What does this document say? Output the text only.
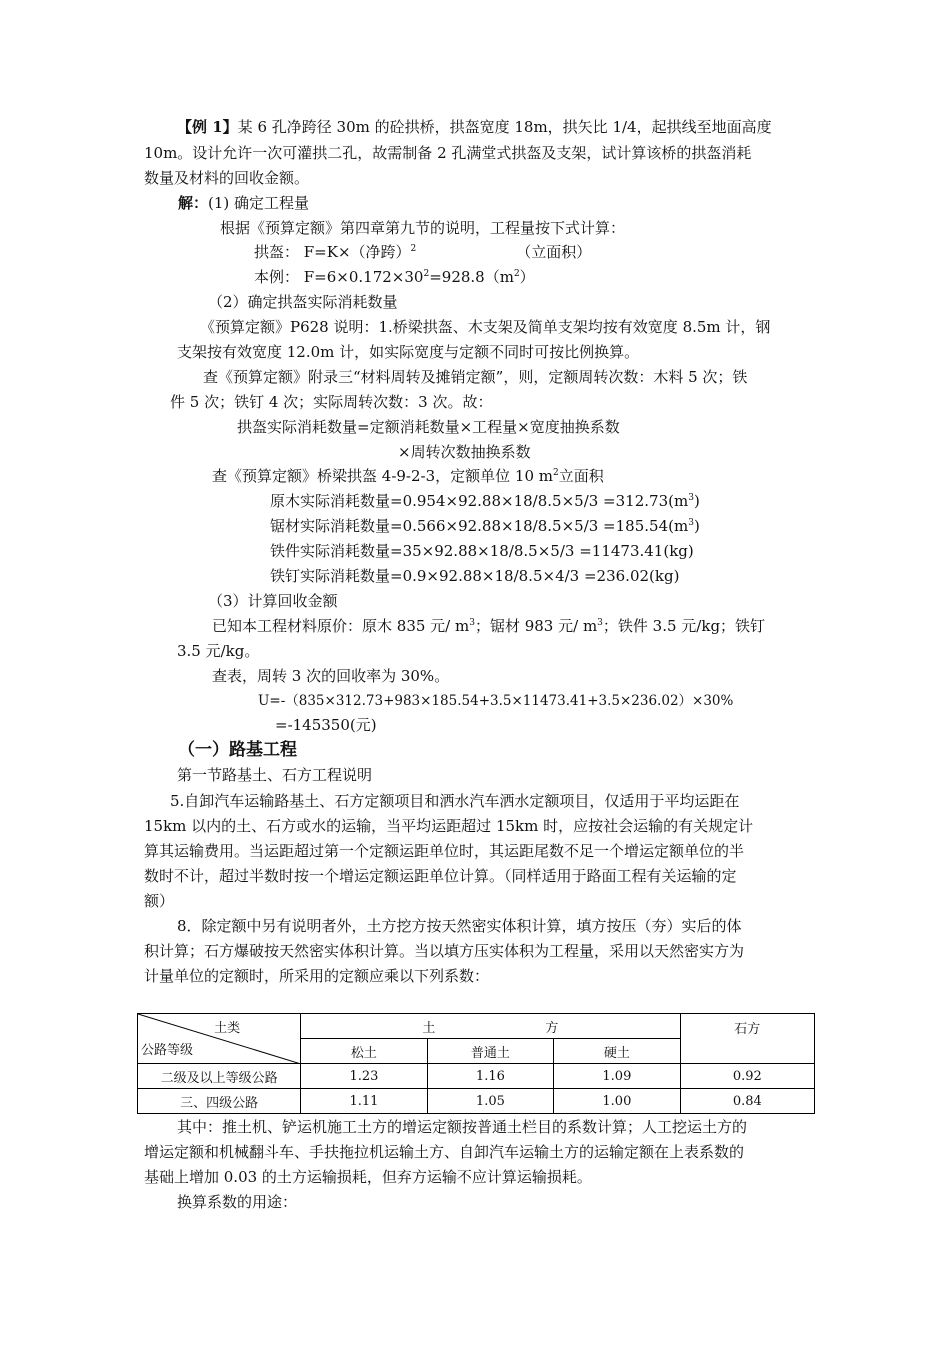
【例 1】某 6 孔净跨径 30m 的砼拱桥，拱盔宽度 18m，拱矢比 1/4，起拱线至地面高度
10m。设计允许一次可灌拱二孔，故需制备 2 孔满堂式拱盔及支架，试计算该桥的拱盔消耗
数量及材料的回收金额。
解：(1) 确定工程量
根据《预算定额》第四章第九节的说明，工程量按下式计算：
拱盔： F=K×（净跨）$^2$	（立面积）
本例： $F=6\times 0.172\times 30^2=928.8(m^2)$
（2）确定拱盔实际消耗数量
《预算定额》P628 说明：1.桥梁拱盔、木支架及简单支架均按有效宽度 8.5m 计，钢
支架按有效宽度 12.0m 计，如实际宽度与定额不同时可按比例换算。
查《预算定额》附录三“材料周转及摊销定额”，则，定额周转次数：木料 5 次；铁
件 5 次；铁钉 4 次；实际周转次数：3 次。故：
拱盔实际消耗数量=定额消耗数量×工程量×宽度抽换系数
×周转次数抽换系数
查《预算定额》桥梁拱盔 4-9-2-3，定额单位 10 $m^2$立面积
原木实际消耗数量$=0.954\times 92.88\times 18/8.5\times 5/3 =312.73(m^3)$
锯材实际消耗数量$=0.566\times 92.88\times 18/8.5\times 5/3 =185.54(m^3)$
铁件实际消耗数量=35×92.88×18/8.5×5/3 =11473.41(kg)
铁钉实际消耗数量=0.9×92.88×18/8.5×4/3 =236.02(kg)
（3）计算回收金额
已知本工程材料原价：原木 835 元/ $m^3$；锯材 983 元/ $m^3$；铁件 3.5 元/kg；铁钉
3.5 元/kg。
查表，周转 3 次的回收率为 30%。
U=-（835×312.73+983×185.54+3.5×11473.41+3.5×236.02）×30%
=-145350(元)
（一）路基工程
第一节路基土、石方工程说明
5.自卸汽车运输路基土、石方定额项目和洒水汽车洒水定额项目，仅适用于平均运距在
15km 以内的土、石方或水的运输，当平均运距超过 15km 时，应按社会运输的有关规定计
算其运输费用。当运距超过第一个定额运距单位时，其运距尾数不足一个增运定额单位的半
数时不计，超过半数时按一个增运定额运距单位计算。（同样适用于路面工程有关运输的定
额）
8．除定额中另有说明者外，土方挖方按天然密实体积计算，填方按压（夯）实后的体
积计算；石方爆破按天然密实体积计算。当以填方压实体积为工程量，采用以天然密实方为
计量单位的定额时，所采用的定额应乘以下列系数：
土类
公路等级	土 方			石方
	松土	普通土	硬土	
二级及以上等级公路	1.23	1.16	1.09	0.92
三、四级公路	1.11	1.05	1.00	0.84
其中：推土机、铲运机施工土方的增运定额按普通土栏目的系数计算；人工挖运土方的
增运定额和机械翻斗车、手扶拖拉机运输土方、自卸汽车运输土方的运输定额在上表系数的
基础上增加 0.03 的土方运输损耗，但弃方运输不应计算运输损耗。
换算系数的用途：
